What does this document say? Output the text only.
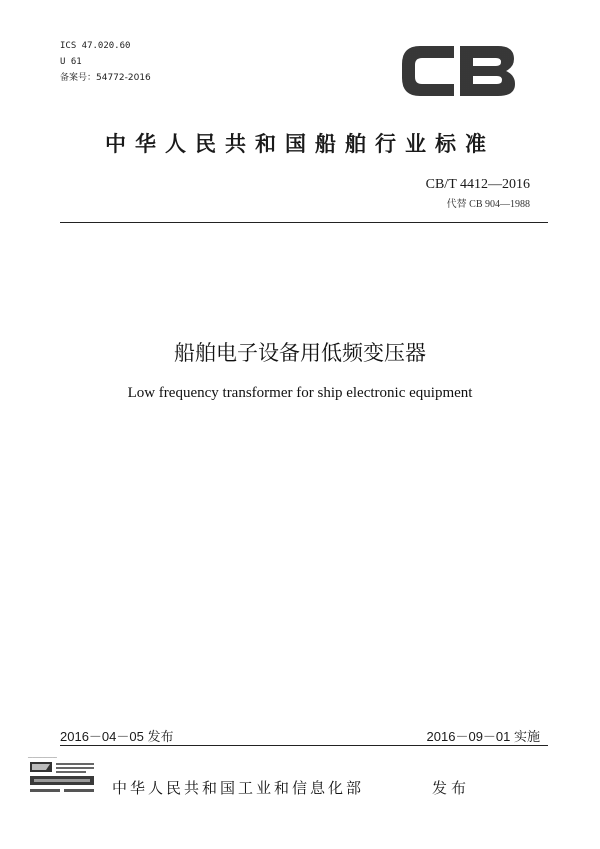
ICS 47.020.60
U 61
备案号：54772-2016
中华人民共和国船舶行业标准
CB/T 4412—2016
代替 CB 904—1988
船舶电子设备用低频变压器
Low frequency transformer for ship electronic equipment
2016－04－05 发布	2016－09－01 实施
────────────
中华人民共和国工业和信息化部	发布
